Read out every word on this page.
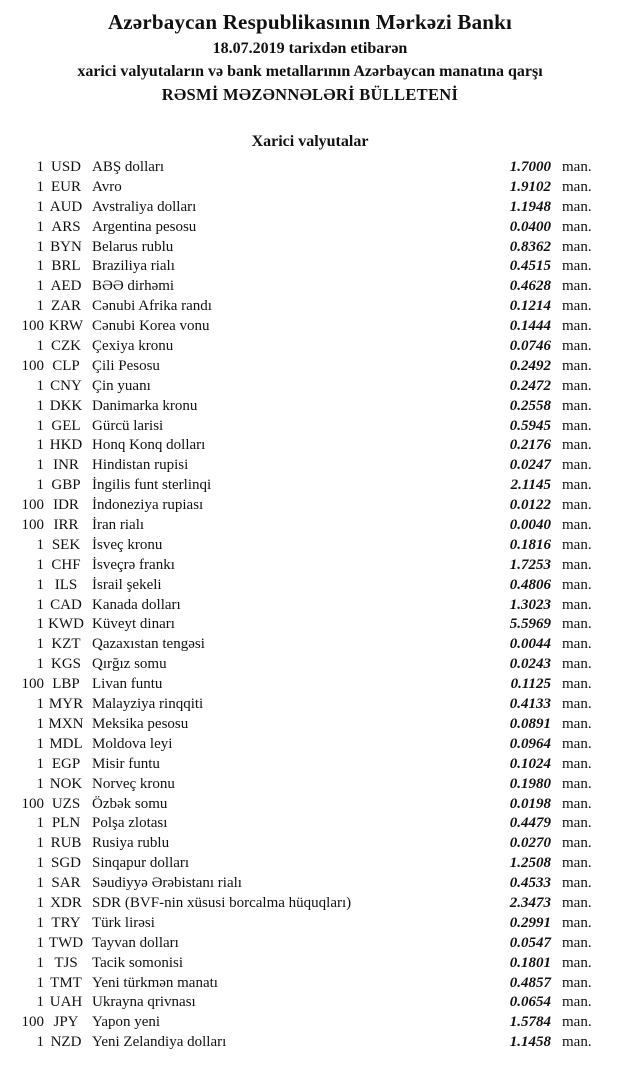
Azərbaycan Respublikasının Mərkəzi Bankı
18.07.2019 tarixdən etibarən
xarici valyutaların və bank metallarının Azərbaycan manatına qarşı
RƏSMİ MƏZƏNNƏLƏRİ BÜLLETENİ
Xarici valyutalar
1 USD ABŞ dolları	1.7000 man.
1 EUR Avro	1.9102 man.
1 AUD Avstraliya dolları	1.1948 man.
1 ARS Argentina pesosu	0.0400 man.
1 BYN Belarus rublu	0.8362 man.
1 BRL Braziliya rialı	0.4515 man.
1 AED BƏƏ dirhəmi	0.4628 man.
1 ZAR Cənubi Afrika randı	0.1214 man.
100 KRW Cənubi Korea vonu	0.1444 man.
1 CZK Çexiya kronu	0.0746 man.
100 CLP Çili Pesosu	0.2492 man.
1 CNY Çin yuanı	0.2472 man.
1 DKK Danimarka kronu	0.2558 man.
1 GEL Gürcü larisi	0.5945 man.
1 HKD Honq Konq dolları	0.2176 man.
1 INR Hindistan rupisi	0.0247 man.
1 GBP İngilis funt sterlinqi	2.1145 man.
100 IDR İndoneziya rupiası	0.0122 man.
100 IRR İran rialı	0.0040 man.
1 SEK İsveç kronu	0.1816 man.
1 CHF İsveçrə frankı	1.7253 man.
1 ILS İsrail şekeli	0.4806 man.
1 CAD Kanada dolları	1.3023 man.
1 KWD Küveyt dinarı	5.5969 man.
1 KZT Qazaxıstan tengəsi	0.0044 man.
1 KGS Qırğız somu	0.0243 man.
100 LBP Livan funtu	0.1125 man.
1 MYR Malayziya rinqqiti	0.4133 man.
1 MXN Meksika pesosu	0.0891 man.
1 MDL Moldova leyi	0.0964 man.
1 EGP Misir funtu	0.1024 man.
1 NOK Norveç kronu	0.1980 man.
100 UZS Özbək somu	0.0198 man.
1 PLN Polşa zlotası	0.4479 man.
1 RUB Rusiya rublu	0.0270 man.
1 SGD Sinqapur dolları	1.2508 man.
1 SAR Səudiyyə Ərəbistanı rialı	0.4533 man.
1 XDR SDR (BVF-nin xüsusi borcalma hüquqları)	2.3473 man.
1 TRY Türk lirəsi	0.2991 man.
1 TWD Tayvan dolları	0.0547 man.
1 TJS Tacik somonisi	0.1801 man.
1 TMT Yeni türkmən manatı	0.4857 man.
1 UAH Ukrayna qrivnası	0.0654 man.
100 JPY Yapon yeni	1.5784 man.
1 NZD Yeni Zelandiya dolları	1.1458 man.
